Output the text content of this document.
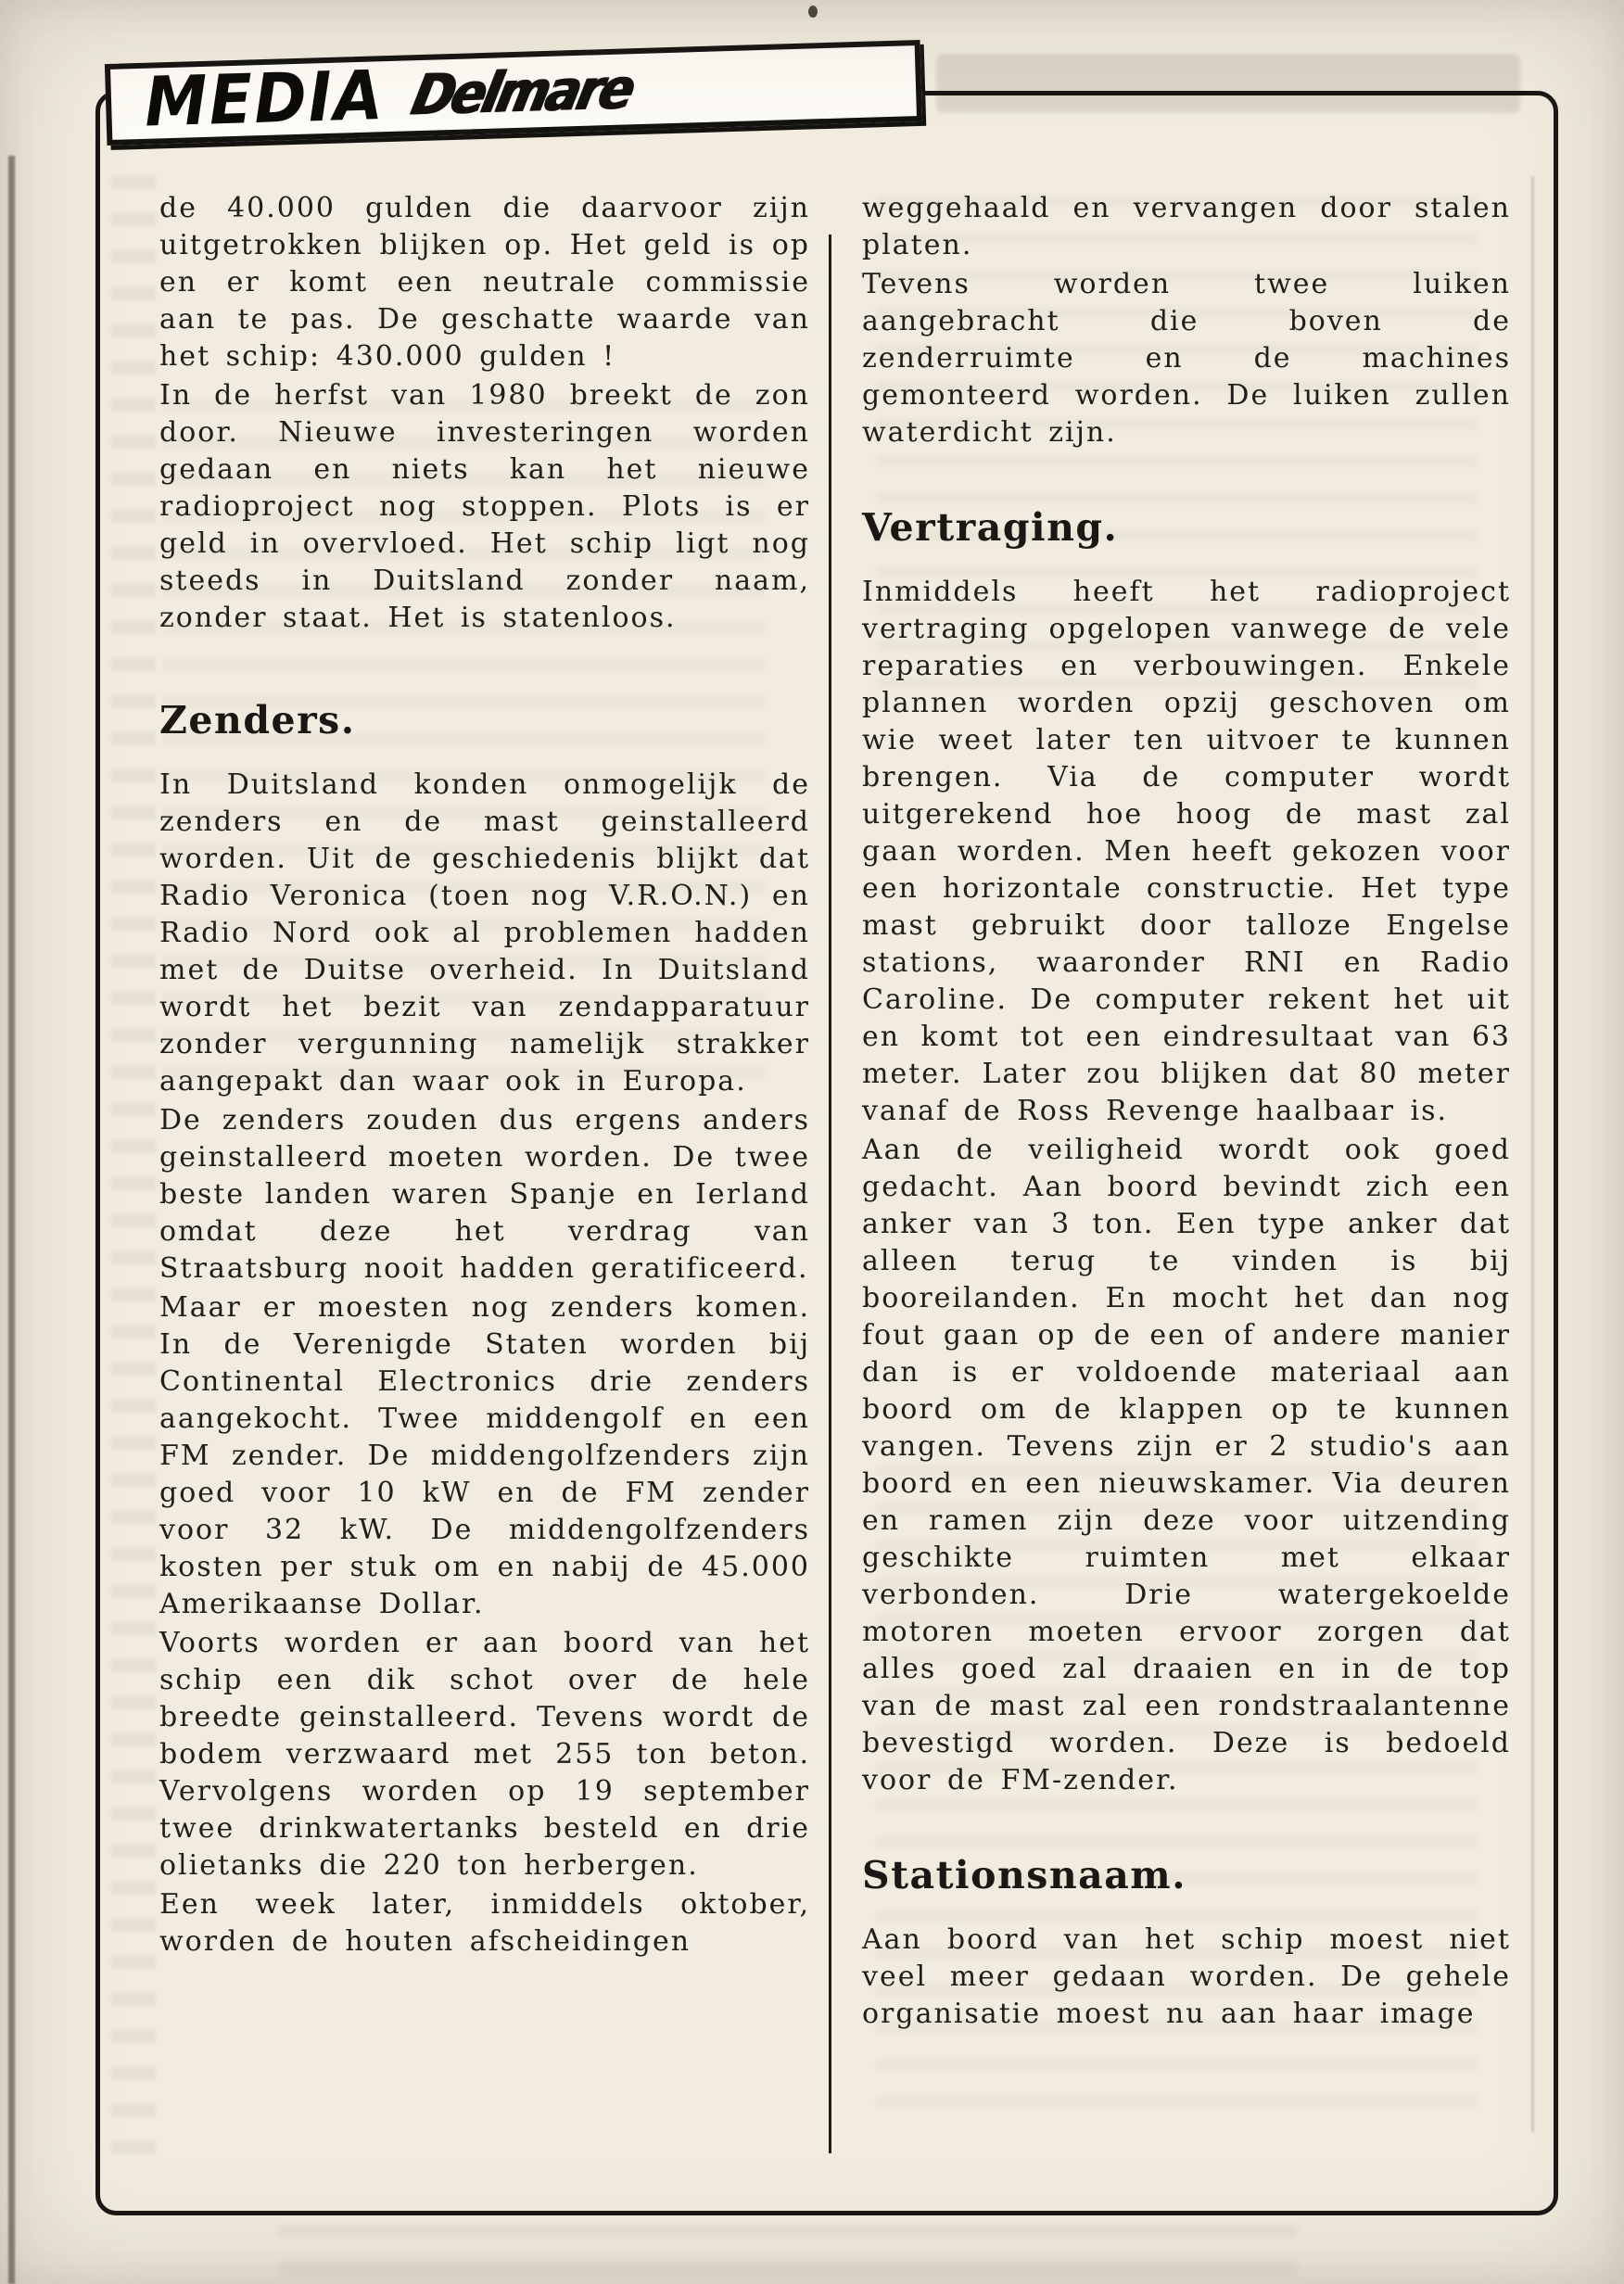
MEDIA Delmare

de 40.000 gulden die daarvoor zijn uitgetrokken blijken op. Het geld is op en er komt een neutrale commissie aan te pas. De geschatte waarde van het schip: 430.000 gulden !

In de herfst van 1980 breekt de zon door. Nieuwe investeringen worden gedaan en niets kan het nieuwe radioproject nog stoppen. Plots is er geld in overvloed. Het schip ligt nog steeds in Duitsland zonder naam, zonder staat. Het is statenloos.

Zenders.

In Duitsland konden onmogelijk de zenders en de mast geinstalleerd worden. Uit de geschiedenis blijkt dat Radio Veronica (toen nog V.R.O.N.) en Radio Nord ook al problemen hadden met de Duitse overheid. In Duitsland wordt het bezit van zendapparatuur zonder vergunning namelijk strakker aangepakt dan waar ook in Europa.

De zenders zouden dus ergens anders geinstalleerd moeten worden. De twee beste landen waren Spanje en Ierland omdat deze het verdrag van Straatsburg nooit hadden geratificeerd.

Maar er moesten nog zenders komen. In de Verenigde Staten worden bij Continental Electronics drie zenders aangekocht. Twee middengolf en een FM zender. De middengolfzenders zijn goed voor 10 kW en de FM zender voor 32 kW. De middengolfzenders kosten per stuk om en nabij de 45.000 Amerikaanse Dollar.

Voorts worden er aan boord van het schip een dik schot over de hele breedte geinstalleerd. Tevens wordt de bodem verzwaard met 255 ton beton. Vervolgens worden op 19 september twee drinkwatertanks besteld en drie olietanks die 220 ton herbergen.

Een week later, inmiddels oktober, worden de houten afscheidingen

weggehaald en vervangen door stalen platen.

Tevens worden twee luiken aangebracht die boven de zenderruimte en de machines gemonteerd worden. De luiken zullen waterdicht zijn.

Vertraging.

Inmiddels heeft het radioproject vertraging opgelopen vanwege de vele reparaties en verbouwingen. Enkele plannen worden opzij geschoven om wie weet later ten uitvoer te kunnen brengen. Via de computer wordt uitgerekend hoe hoog de mast zal gaan worden. Men heeft gekozen voor een horizontale constructie. Het type mast gebruikt door talloze Engelse stations, waaronder RNI en Radio Caroline. De computer rekent het uit en komt tot een eindresultaat van 63 meter. Later zou blijken dat 80 meter vanaf de Ross Revenge haalbaar is.

Aan de veiligheid wordt ook goed gedacht. Aan boord bevindt zich een anker van 3 ton. Een type anker dat alleen terug te vinden is bij booreilanden. En mocht het dan nog fout gaan op de een of andere manier dan is er voldoende materiaal aan boord om de klappen op te kunnen vangen. Tevens zijn er 2 studio's aan boord en een nieuwskamer. Via deuren en ramen zijn deze voor uitzending geschikte ruimten met elkaar verbonden. Drie watergekoelde motoren moeten ervoor zorgen dat alles goed zal draaien en in de top van de mast zal een rondstraalantenne bevestigd worden. Deze is bedoeld voor de FM-zender.

Stationsnaam.

Aan boord van het schip moest niet veel meer gedaan worden. De gehele organisatie moest nu aan haar image
